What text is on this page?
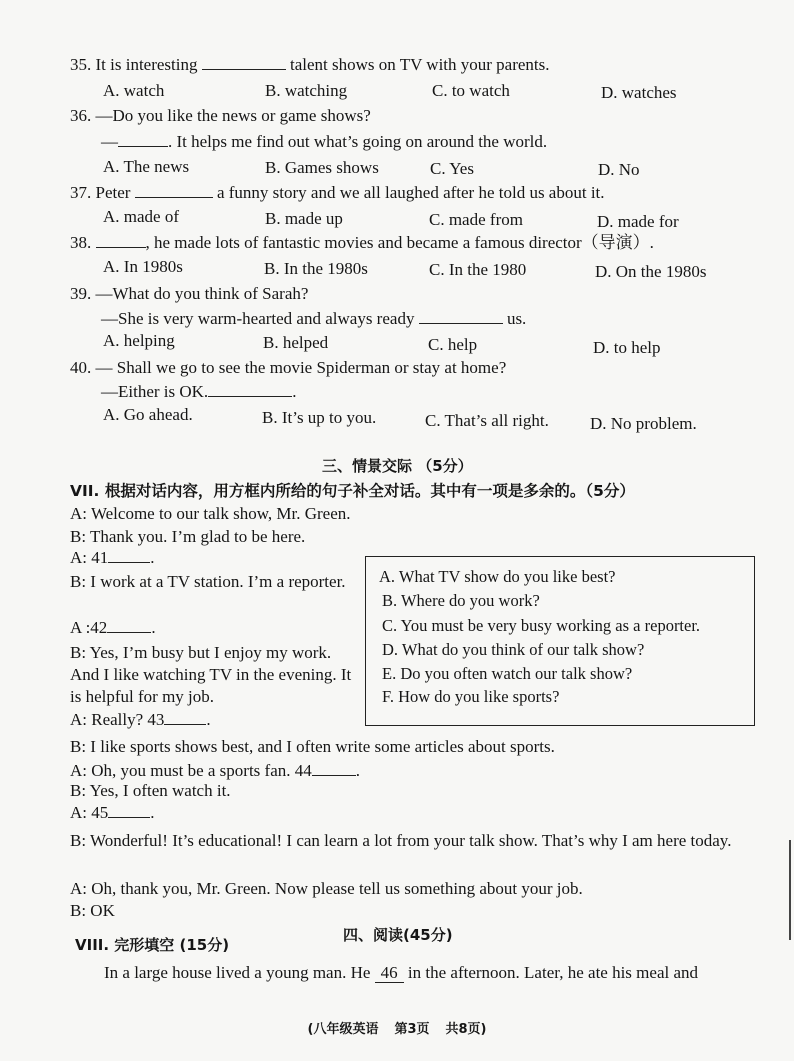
35. It is interesting	talent shows on TV with your parents.
A. watch	B. watching	C. to watch	D. watches
36. —Do you like the news or game shows?
—	. It helps me find out what’s going on around the world.
A. The news	B. Games shows	C. Yes	D. No
37. Peter	a funny story and we all laughed after he told us about it.
A. made of	B. made up	C. made from	D. made for
38.	, he made lots of fantastic movies and became a famous director（导演）.
A. In 1980s	B. In the 1980s	C. In the 1980	D. On the 1980s
39. —What do you think of Sarah?
—She is very warm-hearted and always ready	us.
A. helping	B. helped	C. help	D. to help
40. — Shall we go to see the movie Spiderman or stay at home?
—Either is OK.	.
A. Go ahead.	B. It’s up to you.	C. That’s all right. D. No problem.
三、情景交际 （5分）
VII. 根据对话内容，用方框内所给的句子补全对话。其中有一项是多余的。（5分）
A: Welcome to our talk show, Mr. Green.
B: Thank you. I’m glad to be here.
A: 41 .
B: I work at a TV station. I’m a reporter.
A :42	.
B: Yes, I’m busy but I enjoy my work. And I like watching TV in the evening. It is helpful for my job.
A: Really? 43 .
B: I like sports shows best, and I often write some articles about sports.
A: Oh, you must be a sports fan. 44	.
B: Yes, I often watch it.
A: 45 .
B: Wonderful! It’s educational! I can learn a lot from your talk show. That’s why I am here today.
A: Oh, thank you, Mr. Green. Now please tell us something about your job.
B: OK
A. What TV show do you like best?
B. Where do you work?
C. You must be very busy working as a reporter.
D. What do you think of our talk show?
E. Do you often watch our talk show?
F. How do you like sports?
四、阅读(45分)
VIII. 完形填空 (15分)
In a large house lived a young man. He 46 in the afternoon. Later, he ate his meal and
(八年级英语 第3页 共8页)
